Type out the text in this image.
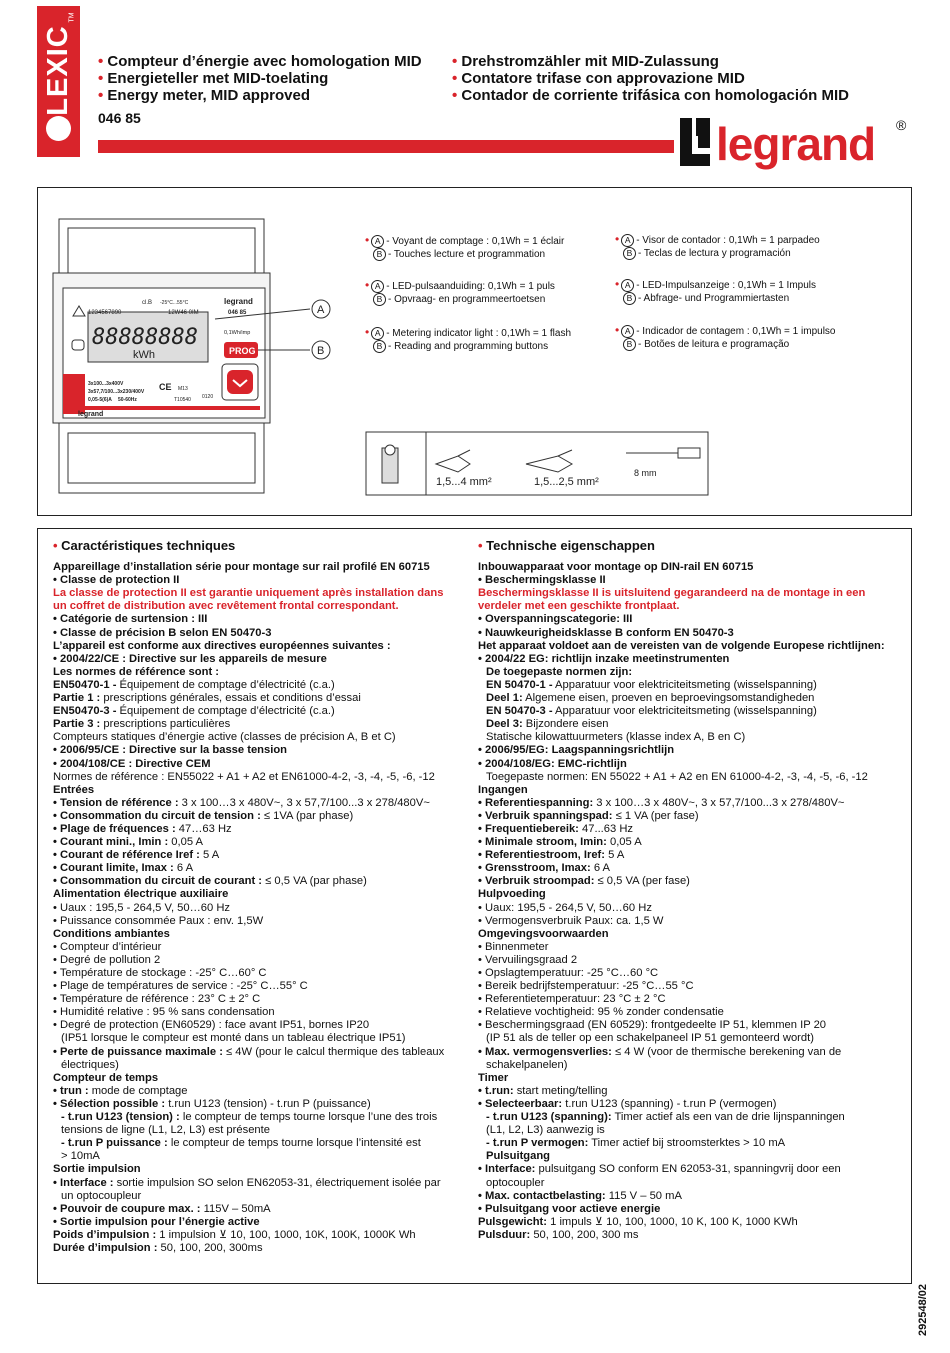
LEXIC
TM
• Compteur d’énergie avec homologation MID
• Energieteller met MID-toelating
• Energy meter, MID approved
• Drehstromzähler mit MID-Zulassung
• Contatore trifase con approvazione MID
• Contador de corriente trifásica con homologación MID
046 85	legrand ®
88888888
kWh
1234567890
cl.B -25°C...55°C
12W46 0IM
legrand
046 85
0,1Wh/imp
PROG
3x100...3x400V
3x57,7/100...3x230/400V
0,05-5(6)A 50-60Hz
CE M13
T10540 0120
legrand
A
B
1,5...4 mm²	1,5...2,5 mm²
8 mm
• A - Voyant de comptage : 0,1Wh = 1 éclair
B - Touches lecture et programmation
• A - Visor de contador : 0,1Wh = 1 parpadeo
B - Teclas de lectura y programación
• A - LED-pulsaanduiding: 0,1Wh = 1 puls
B - Opvraag- en programmeertoetsen
• A - LED-Impulsanzeige : 0,1Wh = 1 Impuls
B - Abfrage- und Programmiertasten
• A - Metering indicator light : 0,1Wh = 1 flash
B - Reading and programming buttons
• A - Indicador de contagem : 0,1Wh = 1 impulso
B - Botões de leitura e programação
• Caractéristiques techniques

Appareillage d’installation série pour montage sur rail profilé EN 60715

• Classe de protection II

La classe de protection II est garantie uniquement après installation dans

un coffret de distribution avec revêtement frontal correspondant.

• Catégorie de surtension : III

• Classe de précision B selon EN 50470-3

L’appareil est conforme aux directives européennes suivantes :

• 2004/22/CE : Directive sur les appareils de mesure

Les normes de référence sont :

EN50470-1 - Équipement de comptage d’électricité (c.a.)

Partie 1 : prescriptions générales, essais et conditions d’essai

EN50470-3 - Équipement de comptage d’électricité (c.a.)

Partie 3 : prescriptions particulières

Compteurs statiques d’énergie active (classes de précision A, B et C)

• 2006/95/CE : Directive sur la basse tension

• 2004/108/CE : Directive CEM

Normes de référence : EN55022 + A1 + A2 et EN61000-4-2, -3, -4, -5, -6, -12

Entrées

• Tension de référence : 3 x 100…3 x 480V~, 3 x 57,7/100...3 x 278/480V~

• Consommation du circuit de tension : ≤ 1VA (par phase)

• Plage de fréquences : 47…63 Hz

• Courant mini., Imin : 0,05 A

• Courant de référence Iref : 5 A

• Courant limite, Imax : 6 A

• Consommation du circuit de courant : ≤ 0,5 VA (par phase)

Alimentation électrique auxiliaire

• Uaux : 195,5 - 264,5 V, 50…60 Hz

• Puissance consommée Paux : env. 1,5W

Conditions ambiantes

• Compteur d’intérieur

• Degré de pollution 2

• Température de stockage : -25° C…60° C

• Plage de températures de service : -25° C…55° C

• Température de référence : 23° C ± 2° C

• Humidité relative : 95 % sans condensation

• Degré de protection (EN60529) : face avant IP51, bornes IP20

(IP51 lorsque le compteur est monté dans un tableau électrique IP51)

• Perte de puissance maximale : ≤ 4W (pour le calcul thermique des tableaux

électriques)

Compteur de temps

• trun : mode de comptage

• Sélection possible : t.run U123 (tension) - t.run P (puissance)

- t.run U123 (tension) : le compteur de temps tourne lorsque l’une des trois

tensions de ligne (L1, L2, L3) est présente

- t.run P puissance : le compteur de temps tourne lorsque l’intensité est

> 10mA

Sortie impulsion

• Interface : sortie impulsion SO selon EN62053-31, électriquement isolée par

un optocoupleur

• Pouvoir de coupure max. : 115V – 50mA

• Sortie impulsion pour l’énergie active

Poids d’impulsion : 1 impulsion ⊻ 10, 100, 1000, 10K, 100K, 1000K Wh

Durée d’impulsion : 50, 100, 200, 300ms

• Technische eigenschappen

Inbouwapparaat voor montage op DIN-rail EN 60715

• Beschermingsklasse II

Beschermingsklasse II is uitsluitend gegarandeerd na de montage in een

verdeler met een geschikte frontplaat.

• Overspanningscategorie: III

• Nauwkeurigheidsklasse B conform EN 50470-3

Het apparaat voldoet aan de vereisten van de volgende Europese richtlijnen:

• 2004/22 EG: richtlijn inzake meetinstrumenten

De toegepaste normen zijn:

EN 50470-1 - Apparatuur voor elektriciteitsmeting (wisselspanning)

Deel 1: Algemene eisen, proeven en beproevingsomstandigheden

EN 50470-3 - Apparatuur voor elektriciteitsmeting (wisselspanning)

Deel 3: Bijzondere eisen

Statische kilowattuurmeters (klasse index A, B en C)

• 2006/95/EG: Laagspanningsrichtlijn

• 2004/108/EG: EMC-richtlijn

Toegepaste normen: EN 55022 + A1 + A2 en EN 61000-4-2, -3, -4, -5, -6, -12

Ingangen

• Referentiespanning: 3 x 100…3 x 480V~, 3 x 57,7/100...3 x 278/480V~

• Verbruik spanningspad: ≤ 1 VA (per fase)

• Frequentiebereik: 47...63 Hz

• Minimale stroom, Imin: 0,05 A

• Referentiestroom, Iref: 5 A

• Grensstroom, Imax: 6 A

• Verbruik stroompad: ≤ 0,5 VA (per fase)

Hulpvoeding

• Uaux: 195,5 - 264,5 V, 50…60 Hz

• Vermogensverbruik Paux: ca. 1,5 W

Omgevingsvoorwaarden

• Binnenmeter

• Vervuilingsgraad 2

• Opslagtemperatuur: -25 °C…60 °C

• Bereik bedrijfstemperatuur: -25 °C…55 °C

• Referentietemperatuur: 23 °C ± 2 °C

• Relatieve vochtigheid: 95 % zonder condensatie

• Beschermingsgraad (EN 60529): frontgedeelte IP 51, klemmen IP 20

(IP 51 als de teller op een schakelpaneel IP 51 gemonteerd wordt)

• Max. vermogensverlies: ≤ 4 W (voor de thermische berekening van de

schakelpanelen)

Timer

• t.run: start meting/telling

• Selecteerbaar: t.run U123 (spanning) - t.run P (vermogen)

- t.run U123 (spanning): Timer actief als een van de drie lijnspanningen

(L1, L2, L3) aanwezig is

- t.run P vermogen: Timer actief bij stroomsterktes > 10 mA

Pulsuitgang

• Interface: pulsuitgang SO conform EN 62053-31, spanningvrij door een

optocoupler

• Max. contactbelasting: 115 V – 50 mA

• Pulsuitgang voor actieve energie

Pulsgewicht: 1 impuls ⊻ 10, 100, 1000, 10 K, 100 K, 1000 KWh

Pulsduur: 50, 100, 200, 300 ms

292548/02
